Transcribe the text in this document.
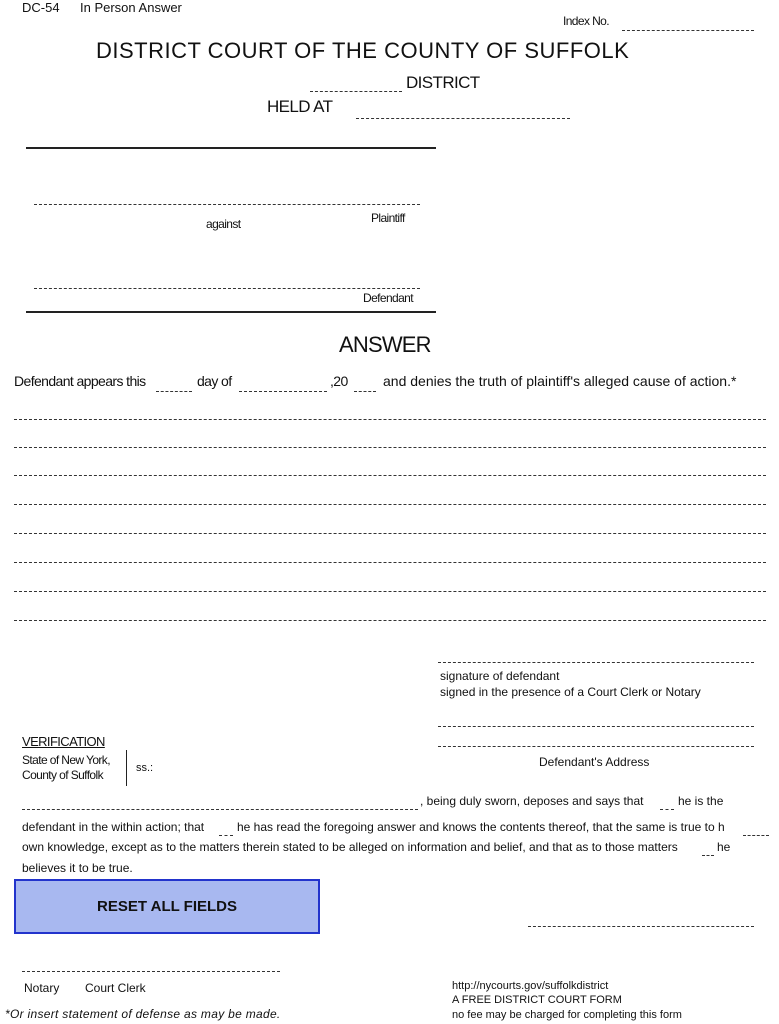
DC-54 In Person Answer
Index No.
DISTRICT COURT OF THE COUNTY OF SUFFOLK
DISTRICT
HELD AT
Plaintiff
against
Defendant
ANSWER
Defendant appears this	day of	,20	and denies the truth of plaintiff's alleged cause of action.*
signature of defendant
signed in the presence of a Court Clerk or Notary
Defendant's Address
VERIFICATION
State of New York,
County of Suffolk	ss.:
, being duly sworn, deposes and says that	he is the
defendant in the within action; that	he has read the foregoing answer and knows the contents thereof, that the same is true to h
own knowledge, except as to the matters therein stated to be alleged on information and belief, and that as to those matters	he
believes it to be true.
RESET ALL FIELDS
Notary Court Clerk
*Or insert statement of defense as may be made.
http://nycourts.gov/suffolkdistrict
A FREE DISTRICT COURT FORM
no fee may be charged for completing this form
